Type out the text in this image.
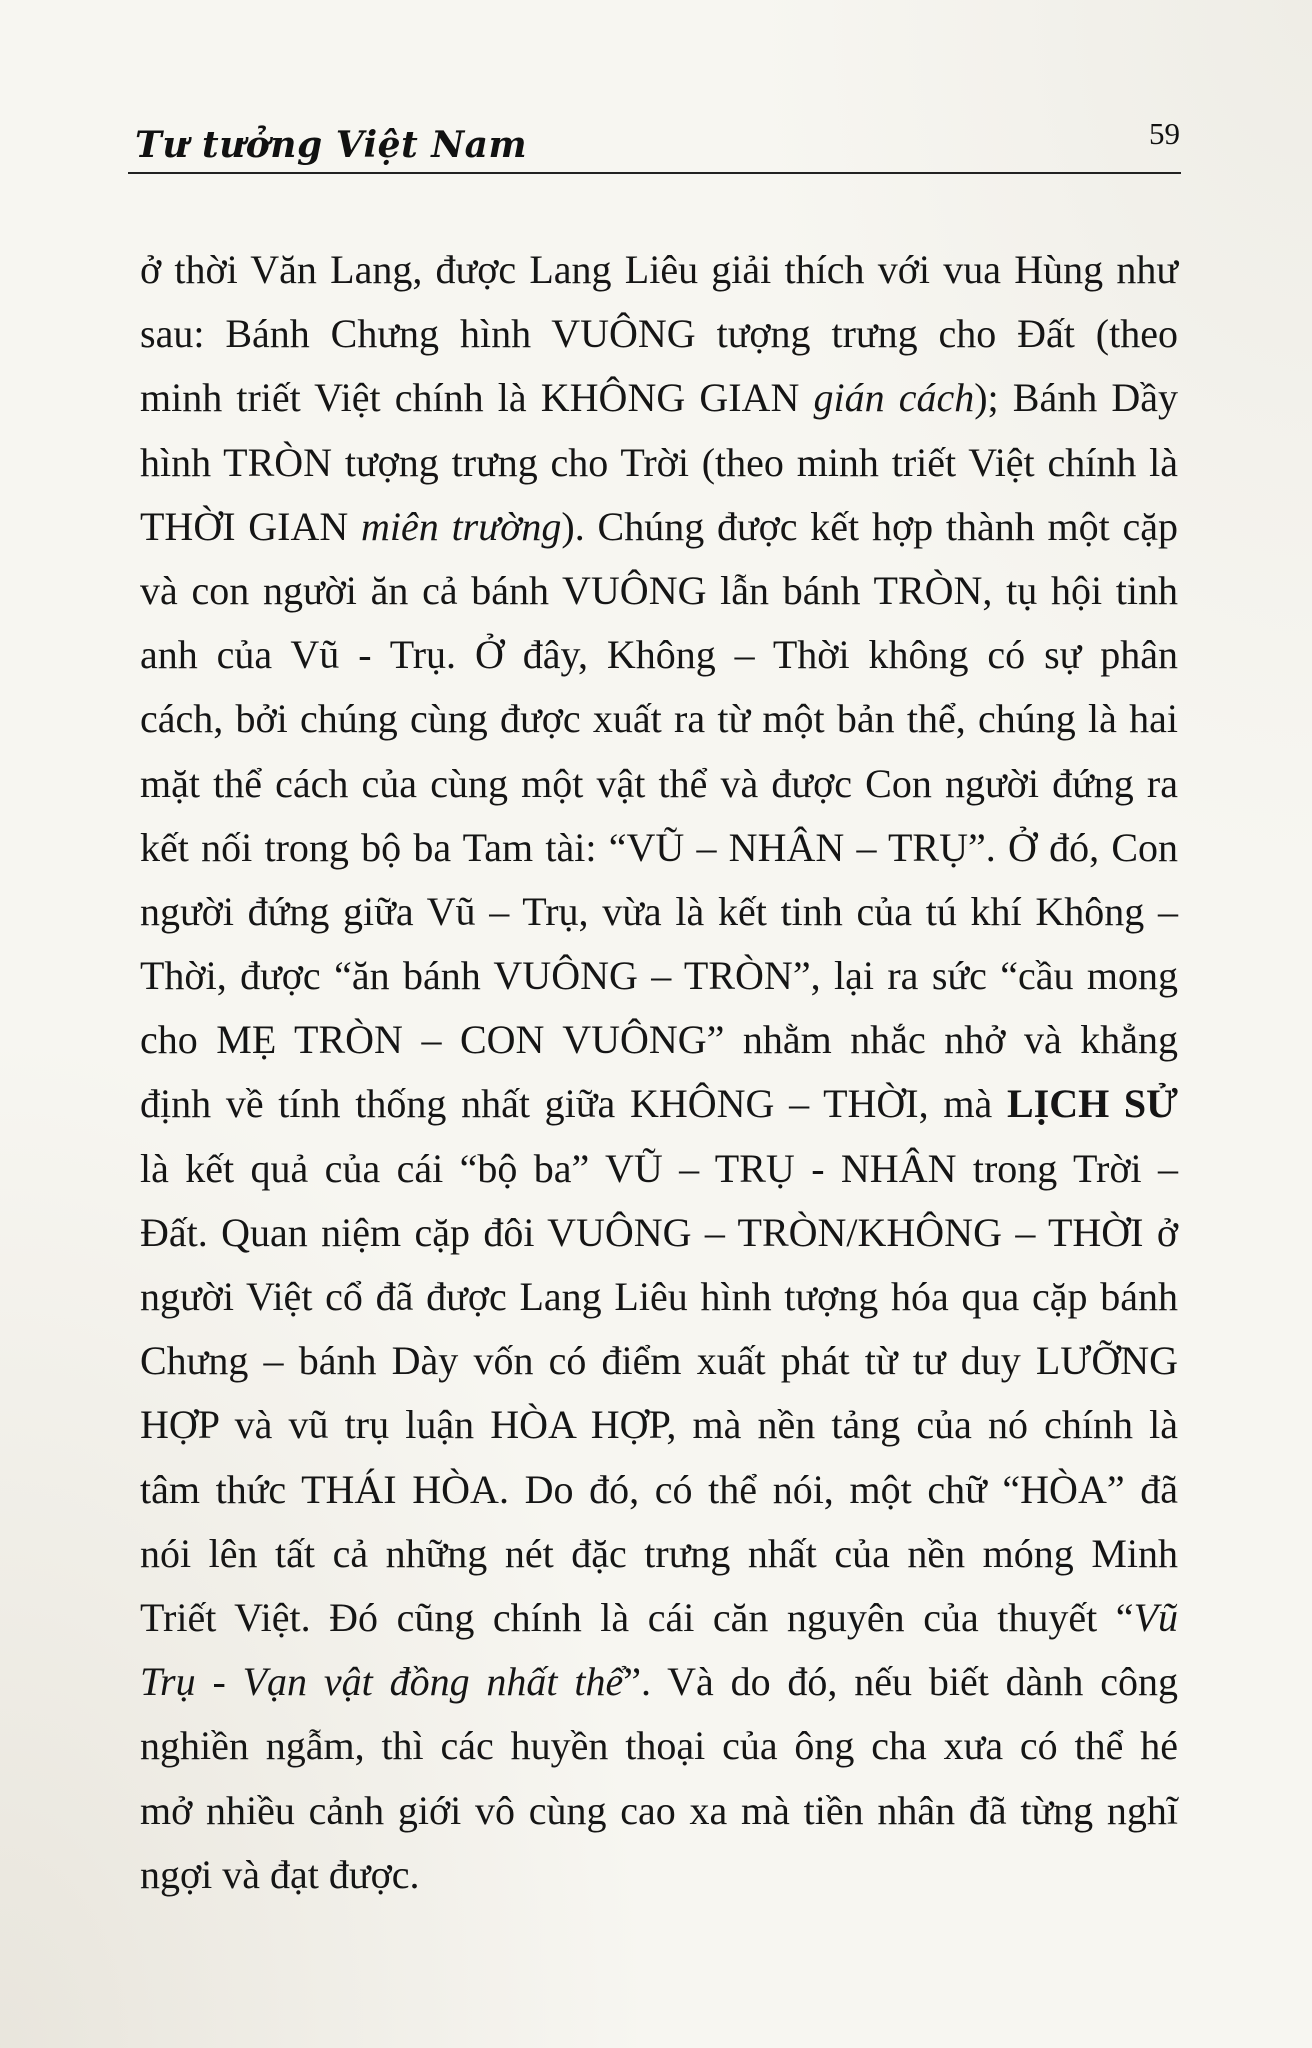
Tư tưởng Việt Nam	59
ở thời Văn Lang, được Lang Liêu giải thích với vua Hùng như
sau: Bánh Chưng hình VUÔNG tượng trưng cho Đất (theo
minh triết Việt chính là KHÔNG GIAN gián cách); Bánh Dầy
hình TRÒN tượng trưng cho Trời (theo minh triết Việt chính là
THỜI GIAN miên trường). Chúng được kết hợp thành một cặp
và con người ăn cả bánh VUÔNG lẫn bánh TRÒN, tụ hội tinh
anh của Vũ - Trụ. Ở đây, Không – Thời không có sự phân
cách, bởi chúng cùng được xuất ra từ một bản thể, chúng là hai
mặt thể cách của cùng một vật thể và được Con người đứng ra
kết nối trong bộ ba Tam tài: “VŨ – NHÂN – TRỤ”. Ở đó, Con
người đứng giữa Vũ – Trụ, vừa là kết tinh của tú khí Không –
Thời, được “ăn bánh VUÔNG – TRÒN”, lại ra sức “cầu mong
cho MẸ TRÒN – CON VUÔNG” nhằm nhắc nhở và khẳng
định về tính thống nhất giữa KHÔNG – THỜI, mà LỊCH SỬ
là kết quả của cái “bộ ba” VŨ – TRỤ - NHÂN trong Trời –
Đất. Quan niệm cặp đôi VUÔNG – TRÒN/KHÔNG – THỜI ở
người Việt cổ đã được Lang Liêu hình tượng hóa qua cặp bánh
Chưng – bánh Dày vốn có điểm xuất phát từ tư duy LƯỠNG
HỢP và vũ trụ luận HÒA HỢP, mà nền tảng của nó chính là
tâm thức THÁI HÒA. Do đó, có thể nói, một chữ “HÒA” đã
nói lên tất cả những nét đặc trưng nhất của nền móng Minh
Triết Việt. Đó cũng chính là cái căn nguyên của thuyết “Vũ
Trụ - Vạn vật đồng nhất thể”. Và do đó, nếu biết dành công
nghiền ngẫm, thì các huyền thoại của ông cha xưa có thể hé
mở nhiều cảnh giới vô cùng cao xa mà tiền nhân đã từng nghĩ
ngợi và đạt được.
